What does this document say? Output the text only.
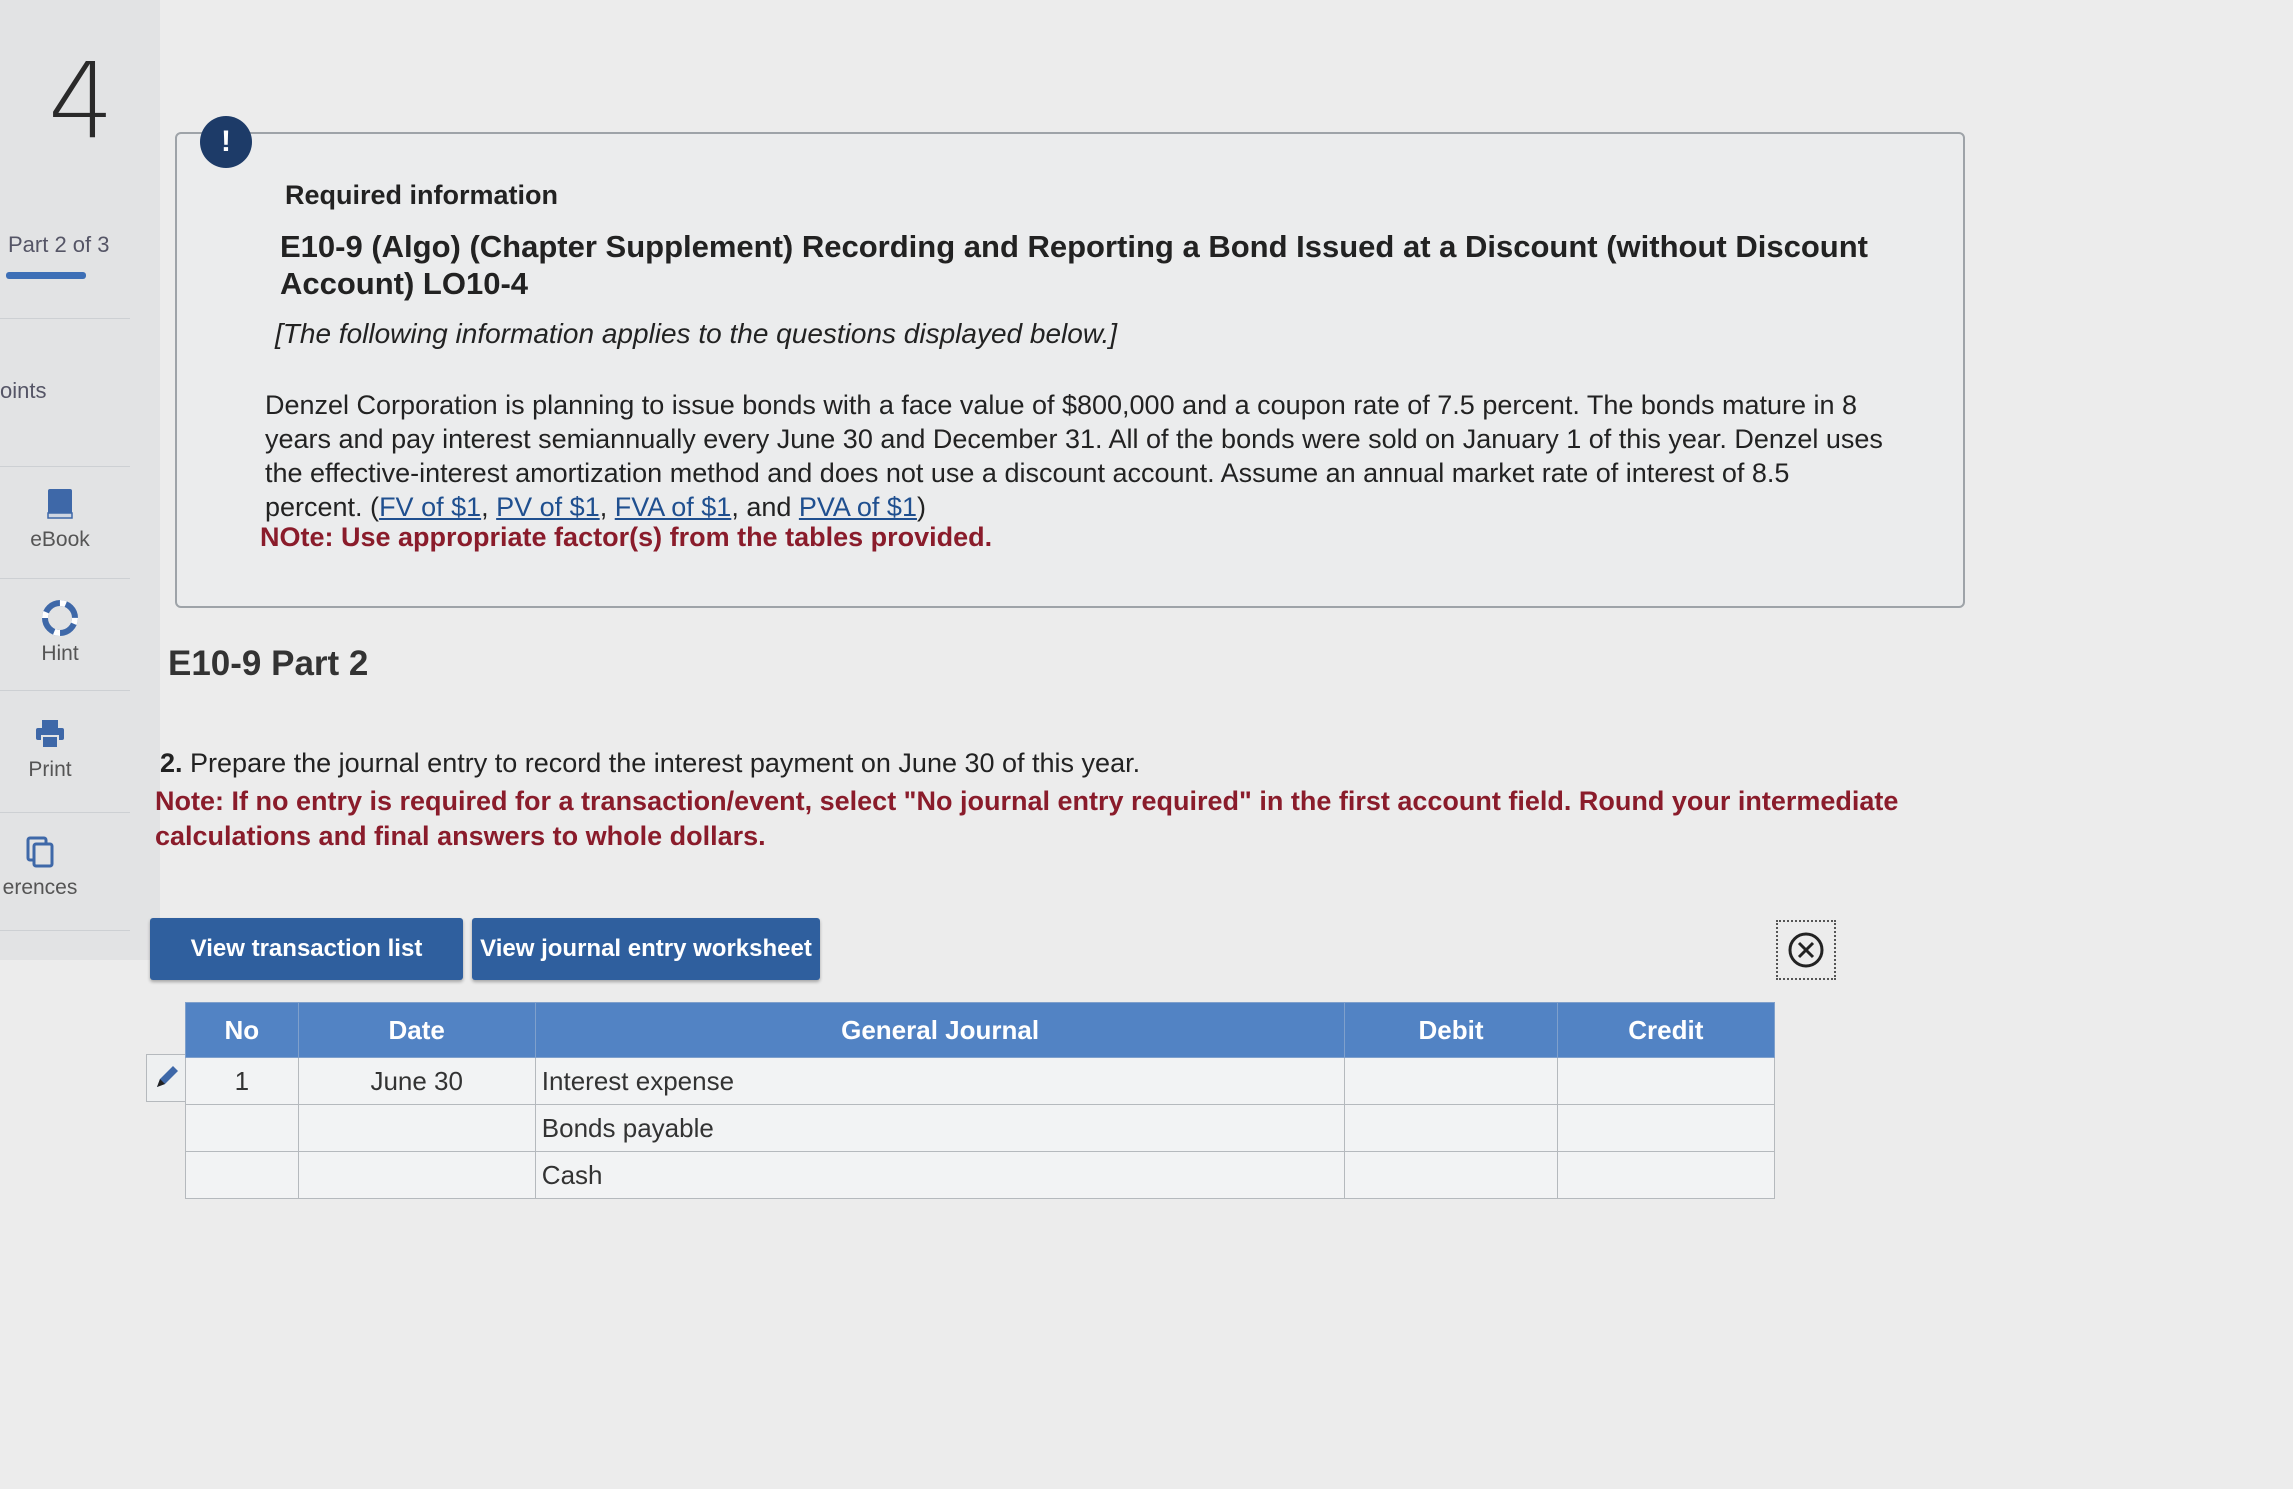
4
Part 2 of 3
oints
eBook
Hint
Print
erences
!
Required information
E10-9 (Algo) (Chapter Supplement) Recording and Reporting a Bond Issued at a Discount (without Discount Account) LO10-4
[The following information applies to the questions displayed below.]
Denzel Corporation is planning to issue bonds with a face value of $800,000 and a coupon rate of 7.5 percent. The bonds mature in 8 years and pay interest semiannually every June 30 and December 31. All of the bonds were sold on January 1 of this year. Denzel uses the effective-interest amortization method and does not use a discount account. Assume an annual market rate of interest of 8.5 percent. (FV of $1, PV of $1, FVA of $1, and PVA of $1)
NOte: Use appropriate factor(s) from the tables provided.
E10-9 Part 2
2. Prepare the journal entry to record the interest payment on June 30 of this year.
Note: If no entry is required for a transaction/event, select "No journal entry required" in the first account field. Round your intermediate calculations and final answers to whole dollars.
View transaction list	View journal entry worksheet
No	Date	General Journal	Debit	Credit
1	June 30	Interest expense		
		Bonds payable		
		Cash		
